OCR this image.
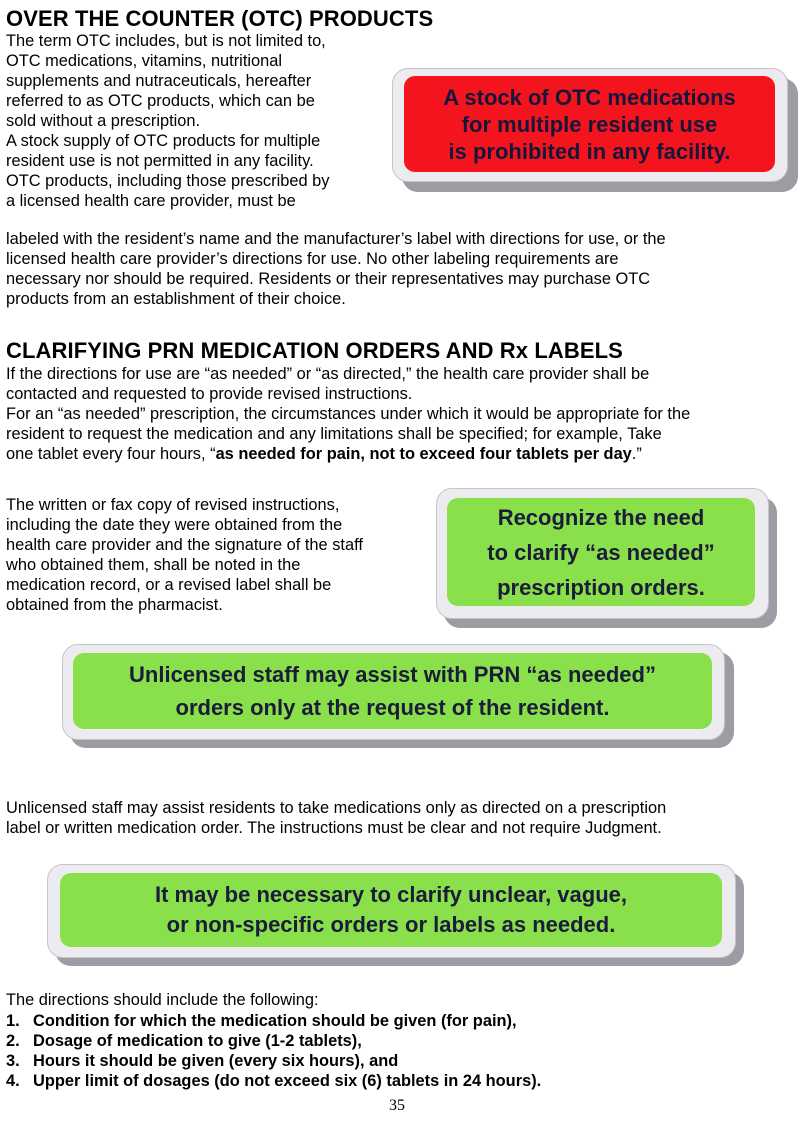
OVER THE COUNTER (OTC) PRODUCTS

The term OTC includes, but is not limited to,

OTC medications, vitamins, nutritional

supplements and nutraceuticals, hereafter

referred to as OTC products, which can be

sold without a prescription.

A stock supply of OTC products for multiple

resident use is not permitted in any facility.

OTC products, including those prescribed by

a licensed health care provider, must be

labeled with the resident’s name and the manufacturer’s label with directions for use, or the

licensed health care provider’s directions for use. No other labeling requirements are

necessary nor should be required. Residents or their representatives may purchase OTC

products from an establishment of their choice.

A stock of OTC medications
for multiple resident use
is prohibited in any facility.
CLARIFYING PRN MEDICATION ORDERS AND Rx LABELS

If the directions for use are “as needed” or “as directed,” the health care provider shall be

contacted and requested to provide revised instructions.

For an “as needed” prescription, the circumstances under which it would be appropriate for the

resident to request the medication and any limitations shall be specified; for example, Take

one tablet every four hours, “as needed for pain, not to exceed four tablets per day.”

The written or fax copy of revised instructions,

including the date they were obtained from the

health care provider and the signature of the staff

who obtained them, shall be noted in the

medication record, or a revised label shall be

obtained from the pharmacist.

Recognize the need
to clarify “as needed”
prescription orders.
Unlicensed staff may assist with PRN “as needed”
orders only at the request of the resident.

Unlicensed staff may assist residents to take medications only as directed on a prescription

label or written medication order. The instructions must be clear and not require Judgment.

It may be necessary to clarify unclear, vague,
or non-specific orders or labels as needed.
The directions should include the following:
1. Condition for which the medication should be given (for pain),
2. Dosage of medication to give (1-2 tablets),
3. Hours it should be given (every six hours), and
4. Upper limit of dosages (do not exceed six (6) tablets in 24 hours).
35
